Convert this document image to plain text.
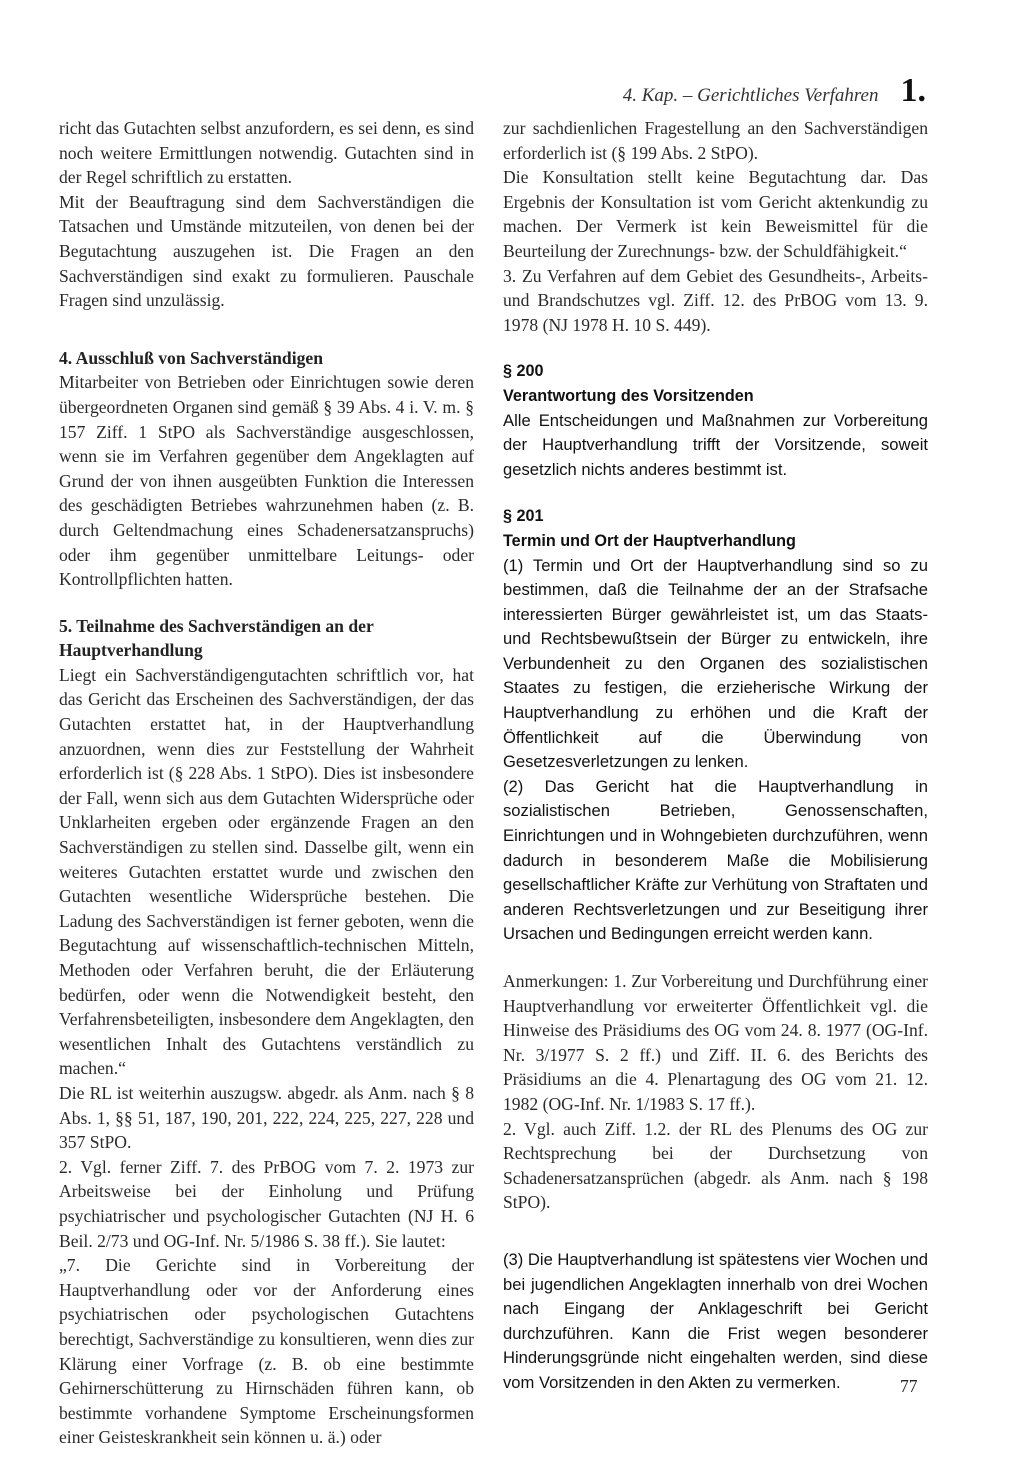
4. Kap. – Gerichtliches Verfahren 1.

richt das Gutachten selbst anzufordern, es sei denn, es sind noch weitere Ermittlungen notwendig. Gutachten sind in der Regel schriftlich zu erstatten.

Mit der Beauftragung sind dem Sachverständigen die Tatsachen und Umstände mitzuteilen, von denen bei der Begutachtung auszugehen ist. Die Fragen an den Sachverständigen sind exakt zu formulieren. Pauschale Fragen sind unzulässig.

4. Ausschluß von Sachverständigen

Mitarbeiter von Betrieben oder Einrichtugen sowie deren übergeordneten Organen sind gemäß § 39 Abs. 4 i. V. m. § 157 Ziff. 1 StPO als Sachverständige ausgeschlossen, wenn sie im Verfahren gegenüber dem Angeklagten auf Grund der von ihnen ausgeübten Funktion die Interessen des geschädigten Betriebes wahrzunehmen haben (z. B. durch Geltendmachung eines Schadenersatzanspruchs) oder ihm gegenüber unmittelbare Leitungs- oder Kontrollpflichten hatten.

5. Teilnahme des Sachverständigen an der Hauptverhandlung

Liegt ein Sachverständigengutachten schriftlich vor, hat das Gericht das Erscheinen des Sachverständigen, der das Gutachten erstattet hat, in der Hauptverhandlung anzuordnen, wenn dies zur Feststellung der Wahrheit erforderlich ist (§ 228 Abs. 1 StPO). Dies ist insbesondere der Fall, wenn sich aus dem Gutachten Widersprüche oder Unklarheiten ergeben oder ergänzende Fragen an den Sachverständigen zu stellen sind. Dasselbe gilt, wenn ein weiteres Gutachten erstattet wurde und zwischen den Gutachten wesentliche Widersprüche bestehen. Die Ladung des Sachverständigen ist ferner geboten, wenn die Begutachtung auf wissenschaftlich-technischen Mitteln, Methoden oder Verfahren beruht, die der Erläuterung bedürfen, oder wenn die Notwendigkeit besteht, den Verfahrensbeteiligten, insbesondere dem Angeklagten, den wesentlichen Inhalt des Gutachtens verständlich zu machen.“

Die RL ist weiterhin auszugsw. abgedr. als Anm. nach § 8 Abs. 1, §§ 51, 187, 190, 201, 222, 224, 225, 227, 228 und 357 StPO.

2. Vgl. ferner Ziff. 7. des PrBOG vom 7. 2. 1973 zur Arbeitsweise bei der Einholung und Prüfung psychiatrischer und psychologischer Gutachten (NJ H. 6 Beil. 2/73 und OG-Inf. Nr. 5/1986 S. 38 ff.). Sie lautet:

„7. Die Gerichte sind in Vorbereitung der Hauptverhandlung oder vor der Anforderung eines psychiatrischen oder psychologischen Gutachtens berechtigt, Sachverständige zu konsultieren, wenn dies zur Klärung einer Vorfrage (z. B. ob eine bestimmte Gehirnerschütterung zu Hirnschäden führen kann, ob bestimmte vorhandene Symptome Erscheinungsformen einer Geisteskrankheit sein können u. ä.) oder

zur sachdienlichen Fragestellung an den Sachverständigen erforderlich ist (§ 199 Abs. 2 StPO).

Die Konsultation stellt keine Begutachtung dar. Das Ergebnis der Konsultation ist vom Gericht aktenkundig zu machen. Der Vermerk ist kein Beweismittel für die Beurteilung der Zurechnungs- bzw. der Schuldfähigkeit.“

3. Zu Verfahren auf dem Gebiet des Gesundheits-, Arbeits- und Brandschutzes vgl. Ziff. 12. des PrBOG vom 13. 9. 1978 (NJ 1978 H. 10 S. 449).

§ 200

Verantwortung des Vorsitzenden

Alle Entscheidungen und Maßnahmen zur Vorbereitung der Hauptverhandlung trifft der Vorsitzende, soweit gesetzlich nichts anderes bestimmt ist.

§ 201

Termin und Ort der Hauptverhandlung

(1) Termin und Ort der Hauptverhandlung sind so zu bestimmen, daß die Teilnahme der an der Strafsache interessierten Bürger gewährleistet ist, um das Staats- und Rechtsbewußtsein der Bürger zu entwickeln, ihre Verbundenheit zu den Organen des sozialistischen Staates zu festigen, die erzieherische Wirkung der Hauptverhandlung zu erhöhen und die Kraft der Öffentlichkeit auf die Überwindung von Gesetzesverletzungen zu lenken.

(2) Das Gericht hat die Hauptverhandlung in sozialistischen Betrieben, Genossenschaften, Einrichtungen und in Wohngebieten durchzuführen, wenn dadurch in besonderem Maße die Mobilisierung gesellschaftlicher Kräfte zur Verhütung von Straftaten und anderen Rechtsverletzungen und zur Beseitigung ihrer Ursachen und Bedingungen erreicht werden kann.

Anmerkungen: 1. Zur Vorbereitung und Durchführung einer Hauptverhandlung vor erweiterter Öffentlichkeit vgl. die Hinweise des Präsidiums des OG vom 24. 8. 1977 (OG-Inf. Nr. 3/1977 S. 2 ff.) und Ziff. II. 6. des Berichts des Präsidiums an die 4. Plenartagung des OG vom 21. 12. 1982 (OG-Inf. Nr. 1/1983 S. 17 ff.).

2. Vgl. auch Ziff. 1.2. der RL des Plenums des OG zur Rechtsprechung bei der Durchsetzung von Schadenersatzansprüchen (abgedr. als Anm. nach § 198 StPO).

(3) Die Hauptverhandlung ist spätestens vier Wochen und bei jugendlichen Angeklagten innerhalb von drei Wochen nach Eingang der Anklageschrift bei Gericht durchzuführen. Kann die Frist wegen besonderer Hinderungsgründe nicht eingehalten werden, sind diese vom Vorsitzenden in den Akten zu vermerken.	77
